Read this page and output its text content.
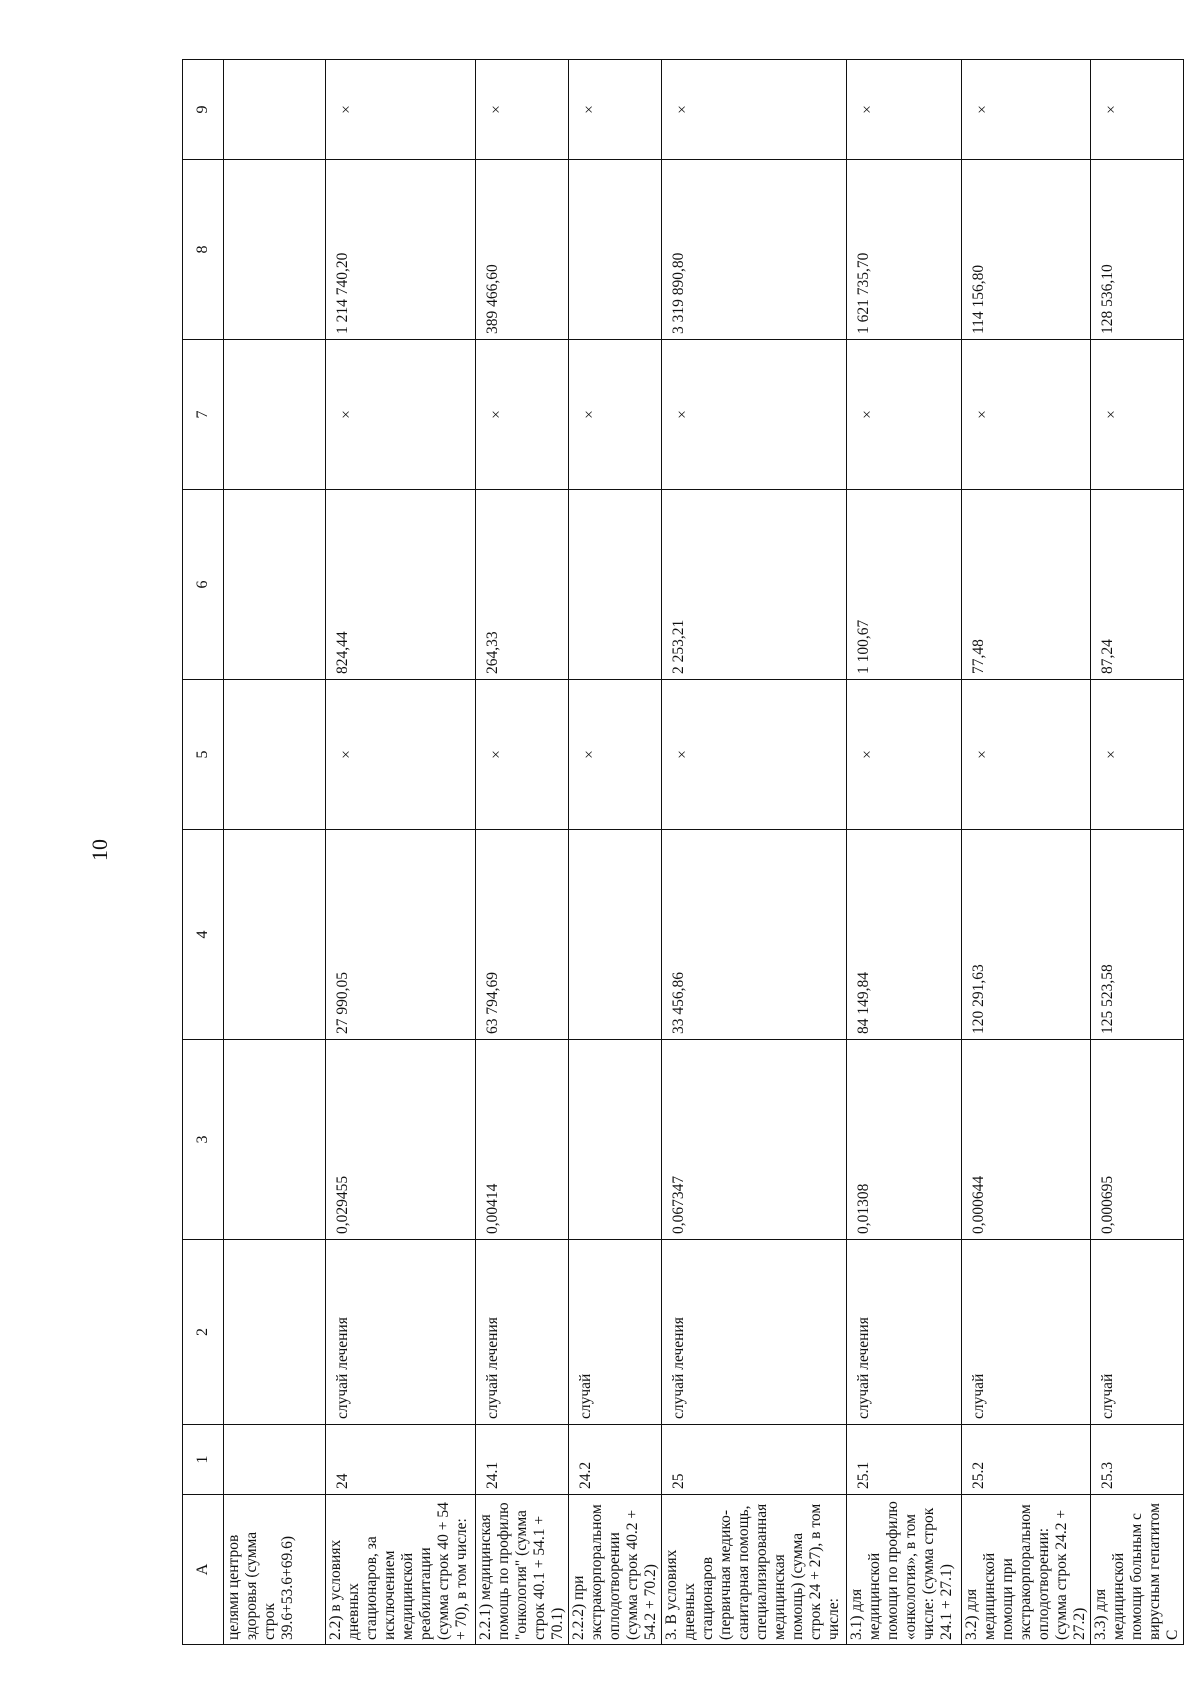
10
А	1	2	3	4	5	6	7	8	9
целями центров здоровья (сумма строк 39.6+53.6+69.6)									
2.2) в условиях дневных стационаров, за исключением медицинской реабилитации (сумма строк 40 + 54 + 70), в том числе:	24	случай лечения	0,029455	27 990,05	×	824,44	×	1 214 740,20	×
2.2.1) медицинская помощь по профилю "онкология" (сумма строк 40.1 + 54.1 + 70.1)	24.1	случай лечения	0,00414	63 794,69	×	264,33	×	389 466,60	×
2.2.2) при экстракорпоральном оплодотворении (сумма строк 40.2 + 54.2 + 70.2)	24.2	случай			×		×		×
3. В условиях дневных стационаров (первичная медико-санитарная помощь, специализированная медицинская помощь) (сумма строк 24 + 27), в том числе:	25	случай лечения	0,067347	33 456,86	×	2 253,21	×	3 319 890,80	×
3.1) для медицинской помощи по профилю «онкология», в том числе: (сумма строк 24.1 + 27.1)	25.1	случай лечения	0,01308	84 149,84	×	1 100,67	×	1 621 735,70	×
3.2) для медицинской помощи при экстракорпоральном оплодотворении: (сумма строк 24.2 + 27.2)	25.2	случай	0,000644	120 291,63	×	77,48	×	114 156,80	×
3.3) для медицинской помощи больным с вирусным гепатитом С	25.3	случай	0,000695	125 523,58	×	87,24	×	128 536,10	×
